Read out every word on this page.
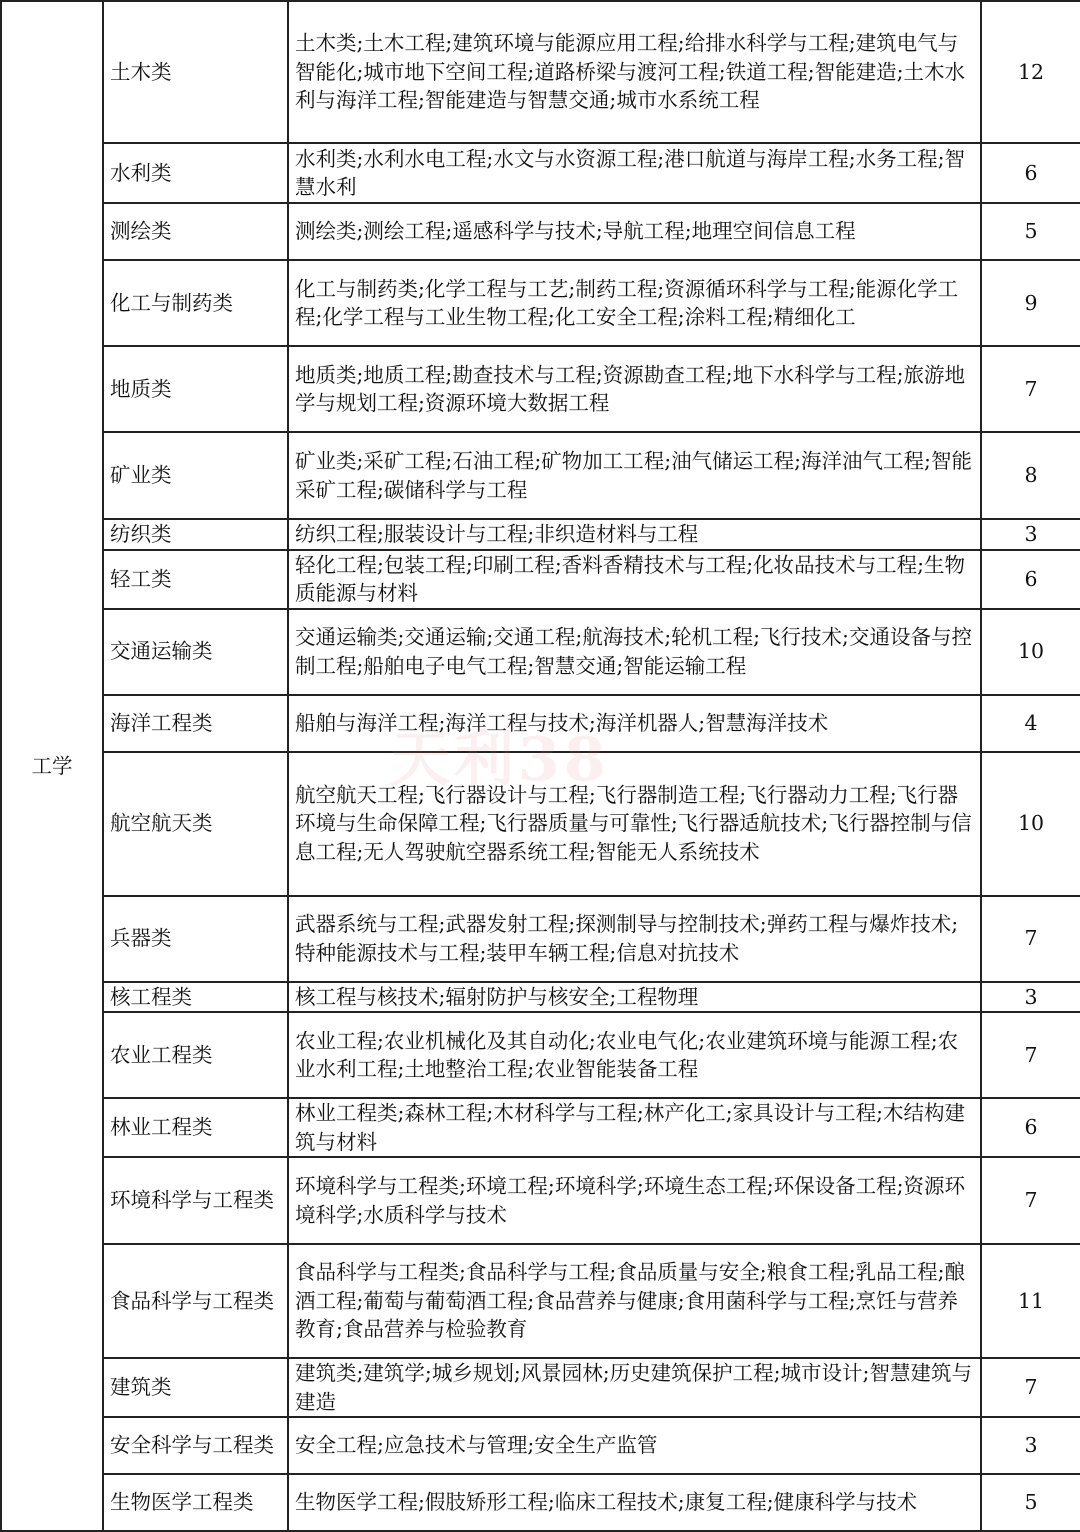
工学	土木类	土木类;土木工程;建筑环境与能源应用工程;给排水科学与工程;建筑电气与智能化;城市地下空间工程;道路桥梁与渡河工程;铁道工程;智能建造;土木水利与海洋工程;智能建造与智慧交通;城市水系统工程	12
	水利类	水利类;水利水电工程;水文与水资源工程;港口航道与海岸工程;水务工程;智慧水利	6
	测绘类	测绘类;测绘工程;遥感科学与技术;导航工程;地理空间信息工程	5
	化工与制药类	化工与制药类;化学工程与工艺;制药工程;资源循环科学与工程;能源化学工程;化学工程与工业生物工程;化工安全工程;涂料工程;精细化工	9
	地质类	地质类;地质工程;勘查技术与工程;资源勘查工程;地下水科学与工程;旅游地学与规划工程;资源环境大数据工程	7
	矿业类	矿业类;采矿工程;石油工程;矿物加工工程;油气储运工程;海洋油气工程;智能采矿工程;碳储科学与工程	8
	纺织类	纺织工程;服装设计与工程;非织造材料与工程	3
	轻工类	轻化工程;包装工程;印刷工程;香料香精技术与工程;化妆品技术与工程;生物质能源与材料	6
	交通运输类	交通运输类;交通运输;交通工程;航海技术;轮机工程;飞行技术;交通设备与控制工程;船舶电子电气工程;智慧交通;智能运输工程	10
	海洋工程类	船舶与海洋工程;海洋工程与技术;海洋机器人;智慧海洋技术	4
	航空航天类	航空航天工程;飞行器设计与工程;飞行器制造工程;飞行器动力工程;飞行器环境与生命保障工程;飞行器质量与可靠性;飞行器适航技术;飞行器控制与信息工程;无人驾驶航空器系统工程;智能无人系统技术	10
	兵器类	武器系统与工程;武器发射工程;探测制导与控制技术;弹药工程与爆炸技术;特种能源技术与工程;装甲车辆工程;信息对抗技术	7
	核工程类	核工程与核技术;辐射防护与核安全;工程物理	3
	农业工程类	农业工程;农业机械化及其自动化;农业电气化;农业建筑环境与能源工程;农业水利工程;土地整治工程;农业智能装备工程	7
	林业工程类	林业工程类;森林工程;木材科学与工程;林产化工;家具设计与工程;木结构建筑与材料	6
	环境科学与工程类	环境科学与工程类;环境工程;环境科学;环境生态工程;环保设备工程;资源环境科学;水质科学与技术	7
	食品科学与工程类	食品科学与工程类;食品科学与工程;食品质量与安全;粮食工程;乳品工程;酿酒工程;葡萄与葡萄酒工程;食品营养与健康;食用菌科学与工程;烹饪与营养教育;食品营养与检验教育	11
	建筑类	建筑类;建筑学;城乡规划;风景园林;历史建筑保护工程;城市设计;智慧建筑与建造	7
	安全科学与工程类	安全工程;应急技术与管理;安全生产监管	3
	生物医学工程类	生物医学工程;假肢矫形工程;临床工程技术;康复工程;健康科学与技术	5
天利38
